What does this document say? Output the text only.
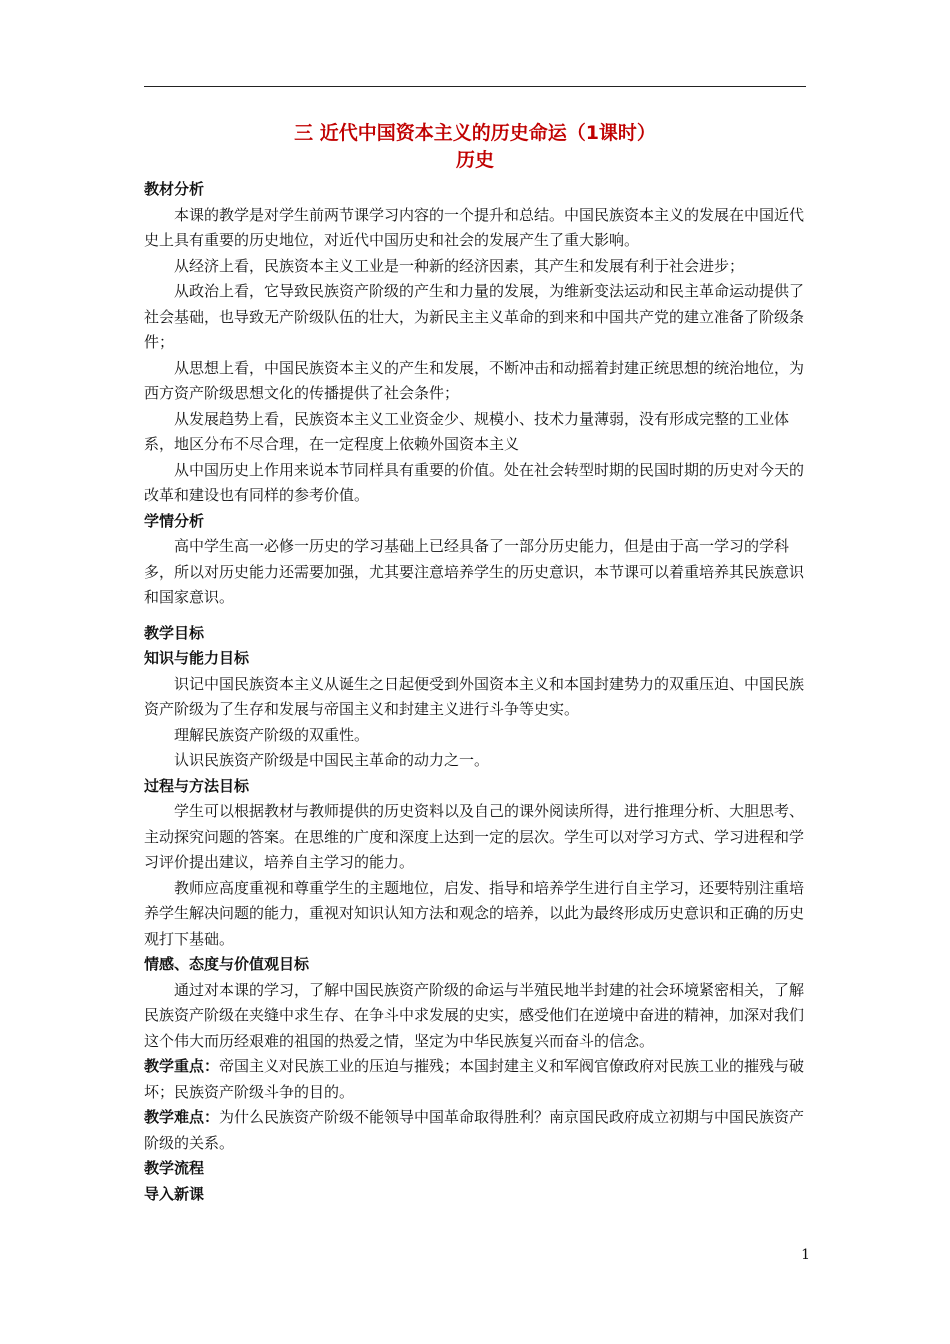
三 近代中国资本主义的历史命运（1课时）
历史

教材分析

本课的教学是对学生前两节课学习内容的一个提升和总结。中国民族资本主义的发展在中国近代史上具有重要的历史地位，对近代中国历史和社会的发展产生了重大影响。

从经济上看，民族资本主义工业是一种新的经济因素，其产生和发展有利于社会进步；

从政治上看，它导致民族资产阶级的产生和力量的发展，为维新变法运动和民主革命运动提供了社会基础，也导致无产阶级队伍的壮大，为新民主主义革命的到来和中国共产党的建立准备了阶级条件；

从思想上看，中国民族资本主义的产生和发展，不断冲击和动摇着封建正统思想的统治地位，为西方资产阶级思想文化的传播提供了社会条件；

从发展趋势上看，民族资本主义工业资金少、规模小、技术力量薄弱，没有形成完整的工业体系，地区分布不尽合理，在一定程度上依赖外国资本主义

从中国历史上作用来说本节同样具有重要的价值。处在社会转型时期的民国时期的历史对今天的改革和建设也有同样的参考价值。

学情分析

高中学生高一必修一历史的学习基础上已经具备了一部分历史能力，但是由于高一学习的学科多，所以对历史能力还需要加强，尤其要注意培养学生的历史意识，本节课可以着重培养其民族意识和国家意识。

教学目标

知识与能力目标

识记中国民族资本主义从诞生之日起便受到外国资本主义和本国封建势力的双重压迫、中国民族资产阶级为了生存和发展与帝国主义和封建主义进行斗争等史实。

理解民族资产阶级的双重性。

认识民族资产阶级是中国民主革命的动力之一。

过程与方法目标

学生可以根据教材与教师提供的历史资料以及自己的课外阅读所得，进行推理分析、大胆思考、主动探究问题的答案。在思维的广度和深度上达到一定的层次。学生可以对学习方式、学习进程和学习评价提出建议，培养自主学习的能力。

教师应高度重视和尊重学生的主题地位，启发、指导和培养学生进行自主学习，还要特别注重培养学生解决问题的能力，重视对知识认知方法和观念的培养，以此为最终形成历史意识和正确的历史观打下基础。

情感、态度与价值观目标

通过对本课的学习，了解中国民族资产阶级的命运与半殖民地半封建的社会环境紧密相关，了解民族资产阶级在夹缝中求生存、在争斗中求发展的史实，感受他们在逆境中奋进的精神，加深对我们这个伟大而历经艰难的祖国的热爱之情，坚定为中华民族复兴而奋斗的信念。

教学重点：帝国主义对民族工业的压迫与摧残；本国封建主义和军阀官僚政府对民族工业的摧残与破坏；民族资产阶级斗争的目的。

教学难点：为什么民族资产阶级不能领导中国革命取得胜利？南京国民政府成立初期与中国民族资产阶级的关系。

教学流程

导入新课

1
